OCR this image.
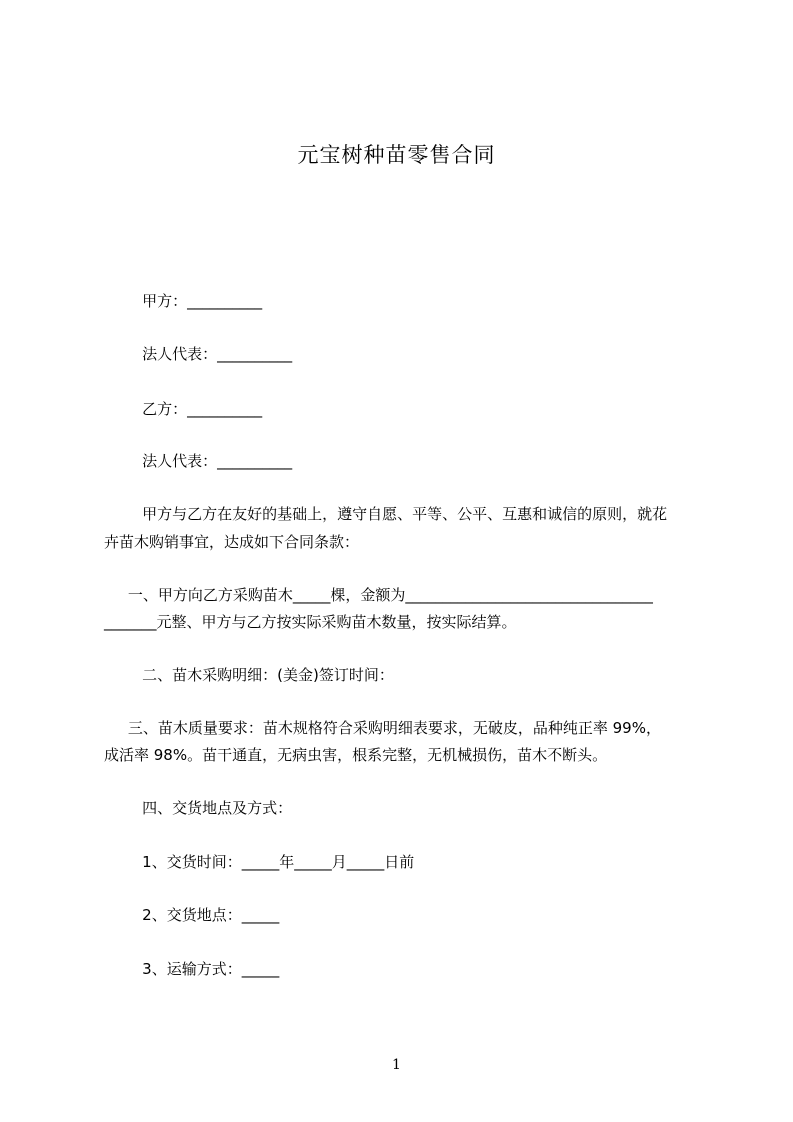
元宝树种苗零售合同
甲方：__________
法人代表：__________
乙方：__________
法人代表：__________
甲方与乙方在友好的基础上，遵守自愿、平等、公平、互惠和诚信的原则，就花
卉苗木购销事宜，达成如下合同条款：
一、甲方向乙方采购苗木_____棵，金额为_________________________________
_______元整、甲方与乙方按实际采购苗木数量，按实际结算。
二、苗木采购明细：(美金)签订时间：
三、苗木质量要求：苗木规格符合采购明细表要求，无破皮，品种纯正率 99%，
成活率 98%。苗干通直，无病虫害，根系完整，无机械损伤，苗木不断头。
四、交货地点及方式：
1、交货时间：_____年_____月_____日前
2、交货地点：_____
3、运输方式：_____
1
